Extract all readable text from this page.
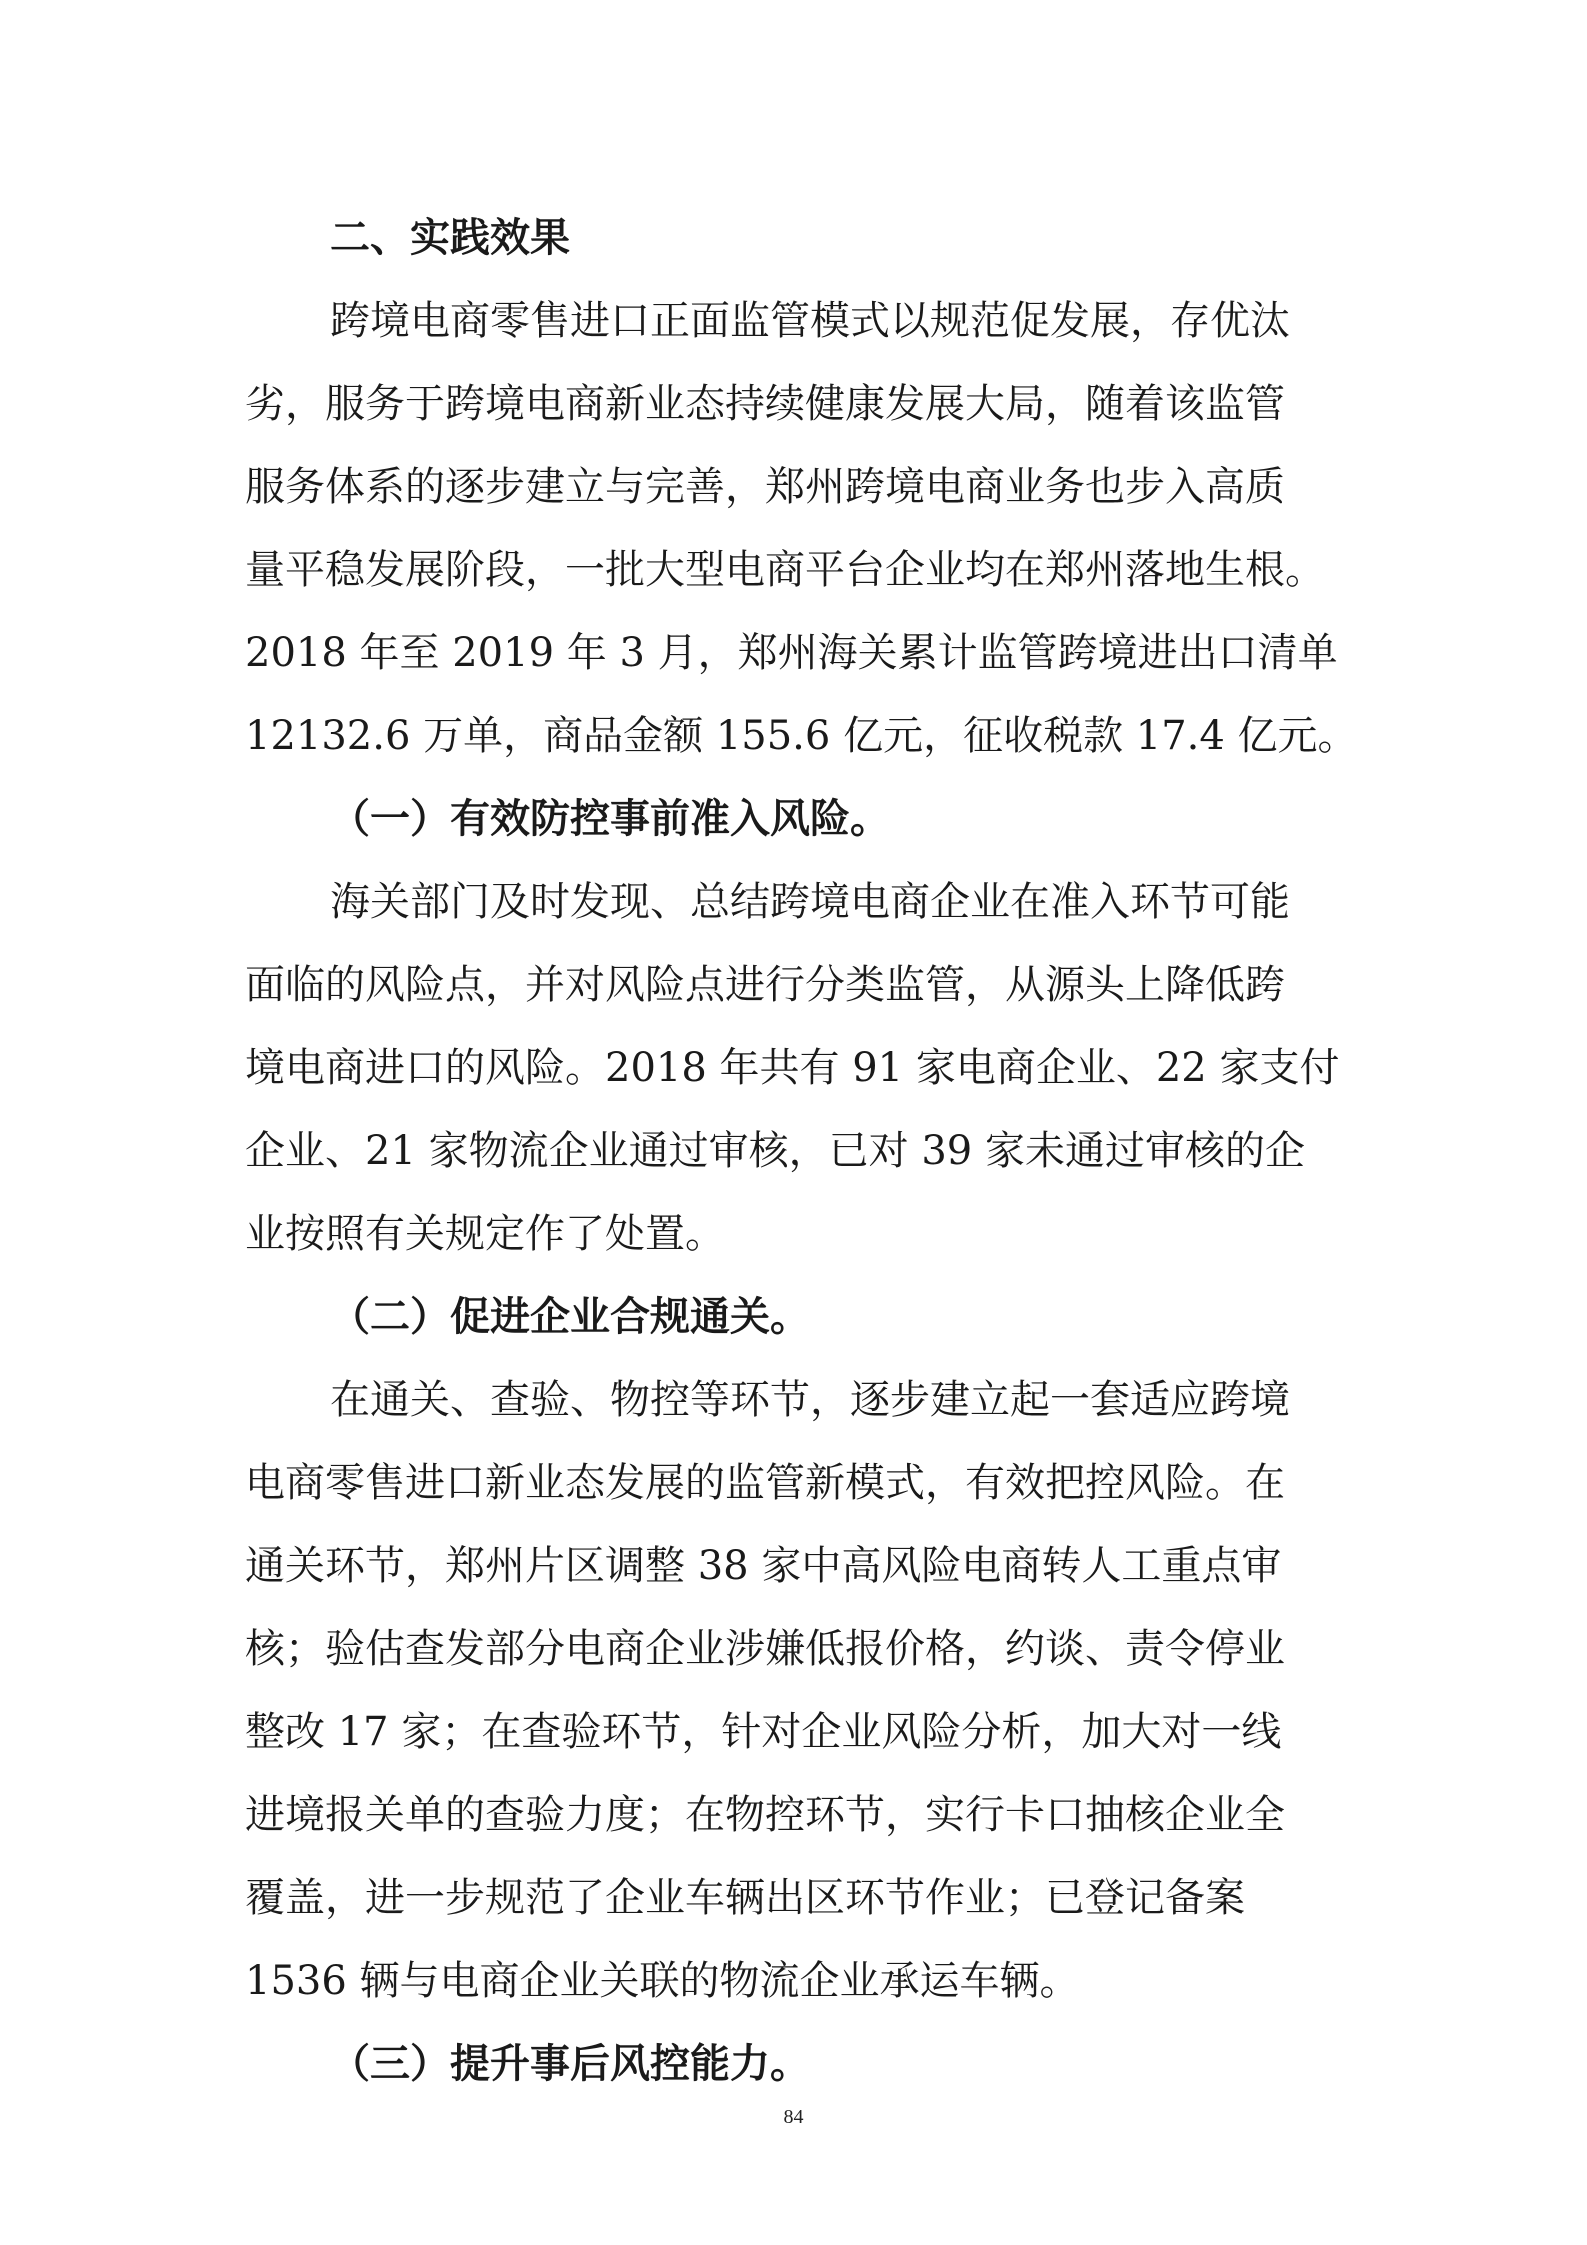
二、实践效果

跨境电商零售进口正面监管模式以规范促发展，存优汰

劣，服务于跨境电商新业态持续健康发展大局，随着该监管

服务体系的逐步建立与完善，郑州跨境电商业务也步入高质

量平稳发展阶段，一批大型电商平台企业均在郑州落地生根。

2018 年至 2019 年 3 月，郑州海关累计监管跨境进出口清单

12132.6 万单，商品金额 155.6 亿元，征收税款 17.4 亿元。

（一）有效防控事前准入风险。

海关部门及时发现、总结跨境电商企业在准入环节可能

面临的风险点，并对风险点进行分类监管，从源头上降低跨

境电商进口的风险。2018 年共有 91 家电商企业、22 家支付

企业、21 家物流企业通过审核，已对 39 家未通过审核的企

业按照有关规定作了处置。

（二）促进企业合规通关。

在通关、查验、物控等环节，逐步建立起一套适应跨境

电商零售进口新业态发展的监管新模式，有效把控风险。在

通关环节，郑州片区调整 38 家中高风险电商转人工重点审

核；验估查发部分电商企业涉嫌低报价格，约谈、责令停业

整改 17 家；在查验环节，针对企业风险分析，加大对一线

进境报关单的查验力度；在物控环节，实行卡口抽核企业全

覆盖，进一步规范了企业车辆出区环节作业；已登记备案

1536 辆与电商企业关联的物流企业承运车辆。

（三）提升事后风控能力。

84
